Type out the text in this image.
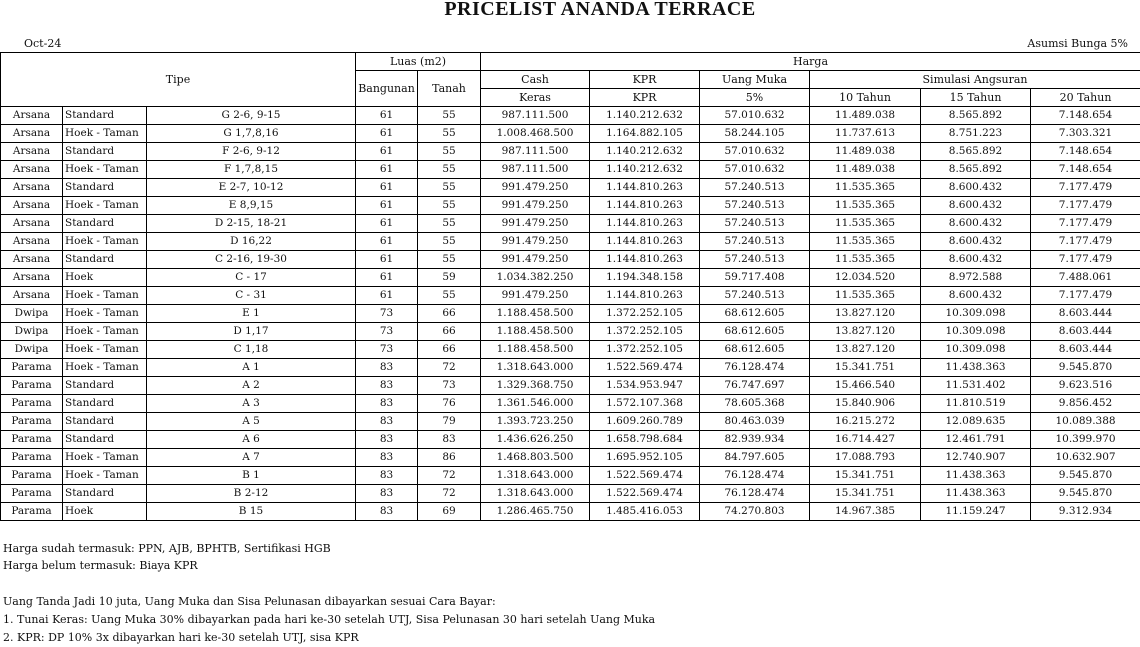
PRICELIST ANANDA TERRACE
Oct-24	Asumsi Bunga 5%
Tipe			Luas (m2)		Harga					
			Bangunan	Tanah	Cash	KPR	Uang Muka	Simulasi Angsuran		
					Keras	KPR	5%	10 Tahun	15 Tahun	20 Tahun
Arsana	Standard	G 2-6, 9-15	61	55	987.111.500	1.140.212.632	57.010.632	11.489.038	8.565.892	7.148.654
Arsana	Hoek - Taman	G 1,7,8,16	61	55	1.008.468.500	1.164.882.105	58.244.105	11.737.613	8.751.223	7.303.321
Arsana	Standard	F 2-6, 9-12	61	55	987.111.500	1.140.212.632	57.010.632	11.489.038	8.565.892	7.148.654
Arsana	Hoek - Taman	F 1,7,8,15	61	55	987.111.500	1.140.212.632	57.010.632	11.489.038	8.565.892	7.148.654
Arsana	Standard	E 2-7, 10-12	61	55	991.479.250	1.144.810.263	57.240.513	11.535.365	8.600.432	7.177.479
Arsana	Hoek - Taman	E 8,9,15	61	55	991.479.250	1.144.810.263	57.240.513	11.535.365	8.600.432	7.177.479
Arsana	Standard	D 2-15, 18-21	61	55	991.479.250	1.144.810.263	57.240.513	11.535.365	8.600.432	7.177.479
Arsana	Hoek - Taman	D 16,22	61	55	991.479.250	1.144.810.263	57.240.513	11.535.365	8.600.432	7.177.479
Arsana	Standard	C 2-16, 19-30	61	55	991.479.250	1.144.810.263	57.240.513	11.535.365	8.600.432	7.177.479
Arsana	Hoek	C - 17	61	59	1.034.382.250	1.194.348.158	59.717.408	12.034.520	8.972.588	7.488.061
Arsana	Hoek - Taman	C - 31	61	55	991.479.250	1.144.810.263	57.240.513	11.535.365	8.600.432	7.177.479
Dwipa	Hoek - Taman	E 1	73	66	1.188.458.500	1.372.252.105	68.612.605	13.827.120	10.309.098	8.603.444
Dwipa	Hoek - Taman	D 1,17	73	66	1.188.458.500	1.372.252.105	68.612.605	13.827.120	10.309.098	8.603.444
Dwipa	Hoek - Taman	C 1,18	73	66	1.188.458.500	1.372.252.105	68.612.605	13.827.120	10.309.098	8.603.444
Parama	Hoek - Taman	A 1	83	72	1.318.643.000	1.522.569.474	76.128.474	15.341.751	11.438.363	9.545.870
Parama	Standard	A 2	83	73	1.329.368.750	1.534.953.947	76.747.697	15.466.540	11.531.402	9.623.516
Parama	Standard	A 3	83	76	1.361.546.000	1.572.107.368	78.605.368	15.840.906	11.810.519	9.856.452
Parama	Standard	A 5	83	79	1.393.723.250	1.609.260.789	80.463.039	16.215.272	12.089.635	10.089.388
Parama	Standard	A 6	83	83	1.436.626.250	1.658.798.684	82.939.934	16.714.427	12.461.791	10.399.970
Parama	Hoek - Taman	A 7	83	86	1.468.803.500	1.695.952.105	84.797.605	17.088.793	12.740.907	10.632.907
Parama	Hoek - Taman	B 1	83	72	1.318.643.000	1.522.569.474	76.128.474	15.341.751	11.438.363	9.545.870
Parama	Standard	B 2-12	83	72	1.318.643.000	1.522.569.474	76.128.474	15.341.751	11.438.363	9.545.870
Parama	Hoek	B 15	83	69	1.286.465.750	1.485.416.053	74.270.803	14.967.385	11.159.247	9.312.934
Harga sudah termasuk: PPN, AJB, BPHTB, Sertifikasi HGB
Harga belum termasuk: Biaya KPR
Uang Tanda Jadi 10 juta, Uang Muka dan Sisa Pelunasan dibayarkan sesuai Cara Bayar:
1. Tunai Keras: Uang Muka 30% dibayarkan pada hari ke-30 setelah UTJ, Sisa Pelunasan 30 hari setelah Uang Muka
2. KPR: DP 10% 3x dibayarkan hari ke-30 setelah UTJ, sisa KPR
